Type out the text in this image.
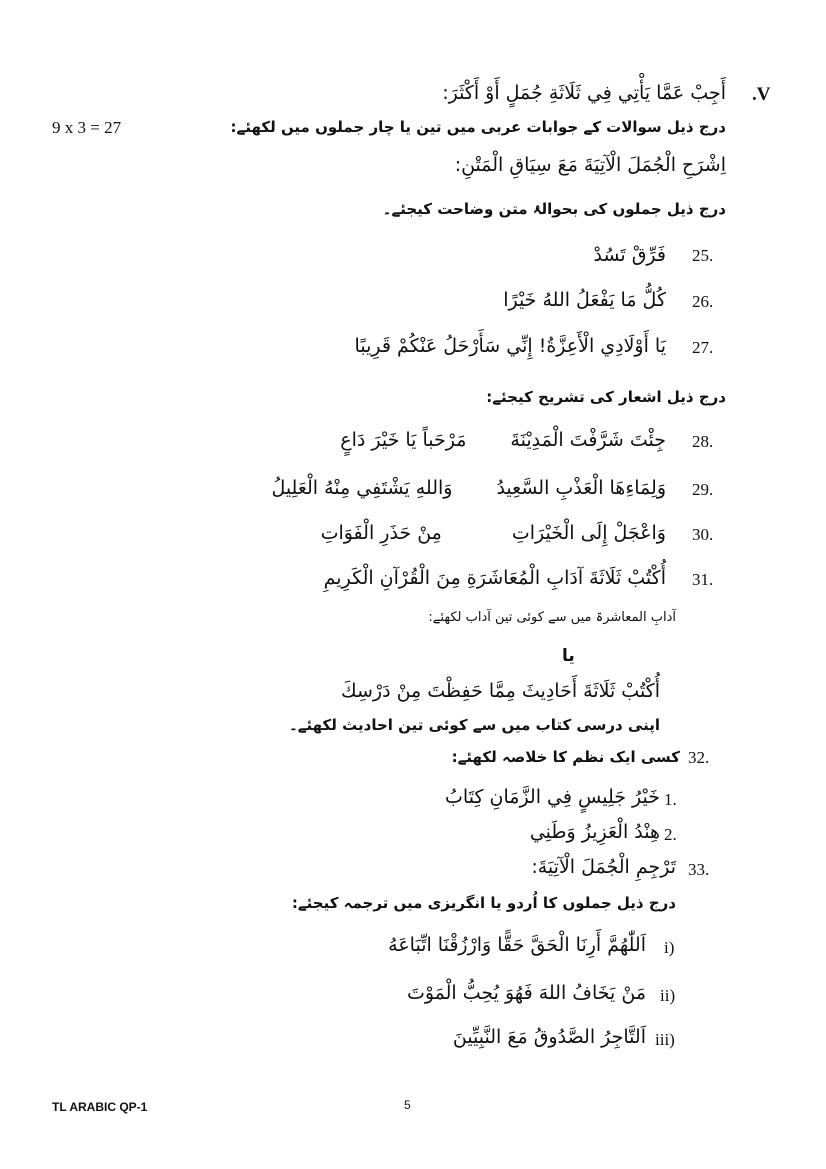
.V
أَجِبْ عَمَّا يَأْتِي فِي ثَلَاثَةِ جُمَلٍ أَوْ أَكْثَرَ:
9 x 3 = 27	درج ذیل سوالات کے جوابات عربی میں تین یا چار جملوں میں لکھئے:
اِشْرَحِ الْجُمَلَ الْآتِيَةَ مَعَ سِيَاقِ الْمَتْنِ:
درج ذیل جملوں کی بحوالۂ متن وضاحت کیجئے۔
25.
فَرِّقْ تَسُدْ
26.
كُلُّ مَا يَفْعَلُ اللهُ خَيْرًا
27.
يَا أَوْلَادِي الْأَعِزَّةُ! إِنِّي سَأَرْحَلُ عَنْكُمْ قَرِيبًا
درج ذیل اشعار کی تشریح کیجئے:
28.
جِئْتَ شَرَّفْتَ الْمَدِيْنَةَمَرْحَباً يَا خَيْرَ دَاعٍ
29.
وَلِمَاءِهَا الْعَذْبِ السَّعِيدُوَاللهِ يَشْتَفِي مِنْهُ الْعَلِيلُ
30.
وَاعْجَلْ إِلَى الْخَيْرَاتِمِنْ حَذَرِ الْفَوَاتِ
31.
أُكْتُبْ ثَلَاثَةَ آدَابِ الْمُعَاشَرَةِ مِنَ الْقُرْآنِ الْكَرِيمِ
آدابِ المعاشرۃ میں سے کوئی تین آداب لکھئے:
یا
أُكْتُبْ ثَلَاثَةَ أَحَادِيثَ مِمَّا حَفِظْتَ مِنْ دَرْسِكَ
اپنی درسی کتاب میں سے کوئی تین احادیث لکھئے۔
32.
کسی ایک نظم کا خلاصہ لکھئے:
1.
خَيْرُ جَلِيسٍ فِي الزَّمَانِ كِتَابُ
2.
هِنْدُ الْعَزِيزُ وَطَنِي
33.
تَرْجِمِ الْجُمَلَ الْآتِيَةَ:
درج ذیل جملوں کا اُردو یا انگریزی میں ترجمہ کیجئے:
i)
اَللّٰهُمَّ أَرِنَا الْحَقَّ حَقًّا وَارْزُقْنَا اتِّبَاعَهُ
ii)
مَنْ يَخَافُ اللهَ فَهُوَ يُحِبُّ الْمَوْتَ
iii)
اَلتَّاجِرُ الصَّدُوقُ مَعَ النَّبِيِّينَ
TL ARABIC QP-1	5
